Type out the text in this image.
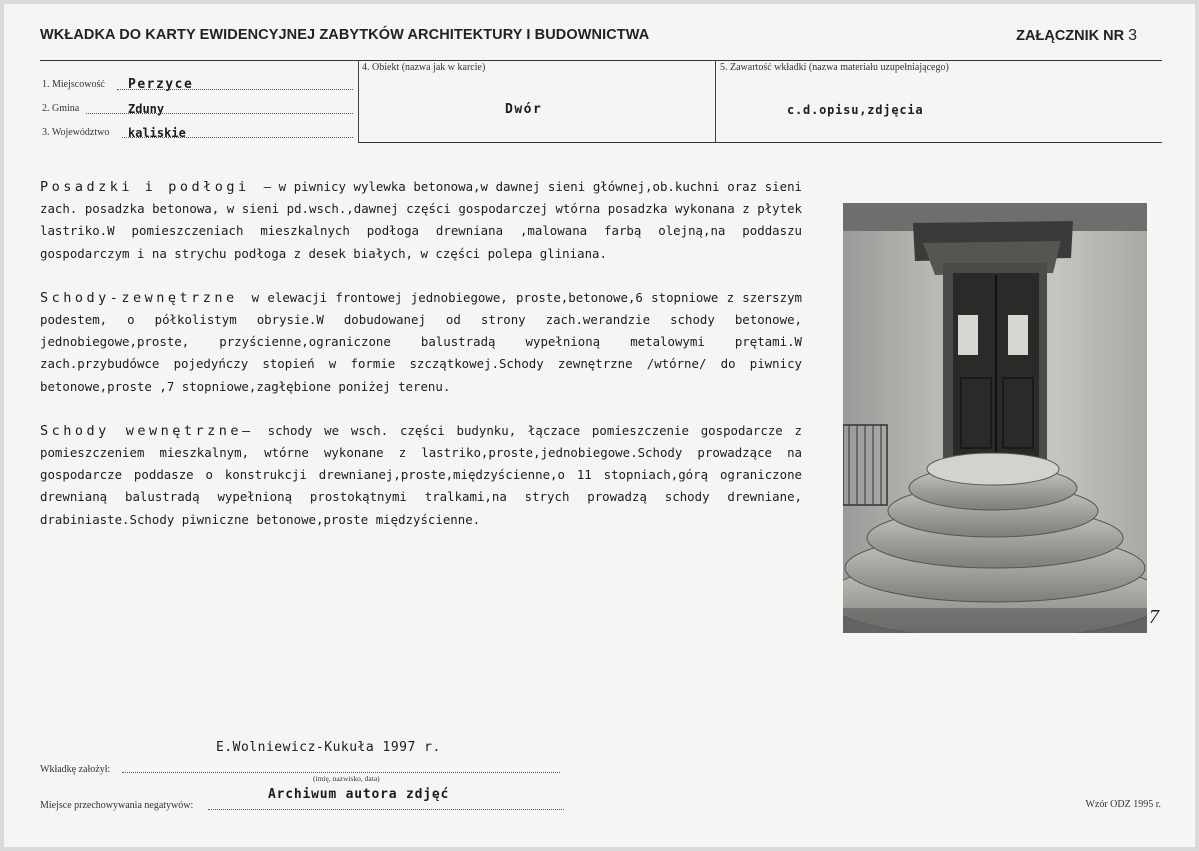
WKŁADKA DO KARTY EWIDENCYJNEJ ZABYTKÓW ARCHITEKTURY I BUDOWNICTWA	ZAŁĄCZNIK NR 3
1. Miejscowość Perzyce
2. Gmina	Zduny
3. Województwo kaliskie
4. Obiekt (nazwa jak w karcie)
Dwór
5. Zawartość wkładki (nazwa materiału uzupełniającego)
c.d.opisu,zdjęcia

Posadzki i podłogi – w piwnicy wylewka betonowa,w dawnej sieni głównej,ob.kuchni oraz sieni zach. posadzka betonowa, w sieni pd.wsch.,dawnej części gospodarczej wtórna posadzka wykonana z płytek lastriko.W pomieszczeniach mieszkalnych podłoga drewniana ,malowana farbą olejną,na poddaszu gospodarczym i na strychu podłoga z desek białych, w części polepa gliniana.

Schody-zewnętrzne w elewacji frontowej jednobiegowe, proste,betonowe,6 stopniowe z szerszym podestem, o półkolistym obrysie.W dobudowanej od strony zach.werandzie schody betonowe, jednobiegowe,proste, przyścienne,ograniczone balustradą wypełnioną metalowymi prętami.W zach.przybudówce pojedyńczy stopień w formie szczątkowej.Schody zewnętrzne /wtórne/ do piwnicy betonowe,proste ,7 stopniowe,zagłębione poniżej terenu.

Schody wewnętrzne– schody we wsch. części budynku, łączace pomieszczenie gospodarcze z pomieszczeniem mieszkalnym, wtórne wykonane z lastriko,proste,jednobiegowe.Schody prowadzące na gospodarcze poddasze o konstrukcji drewnianej,proste,międzyścienne,o 11 stopniach,górą ograniczone drewnianą balustradą wypełnioną prostokątnymi tralkami,na strych prowadzą schody drewniane, drabiniaste.Schody piwniczne betonowe,proste międzyścienne.

7
E.Wolniewicz-Kukuła 1997 r.
Wkładkę założył:
(imię, nazwisko, data)
Archiwum autora zdjęć
Miejsce przechowywania negatywów:	Wzór ODZ 1995 r.
